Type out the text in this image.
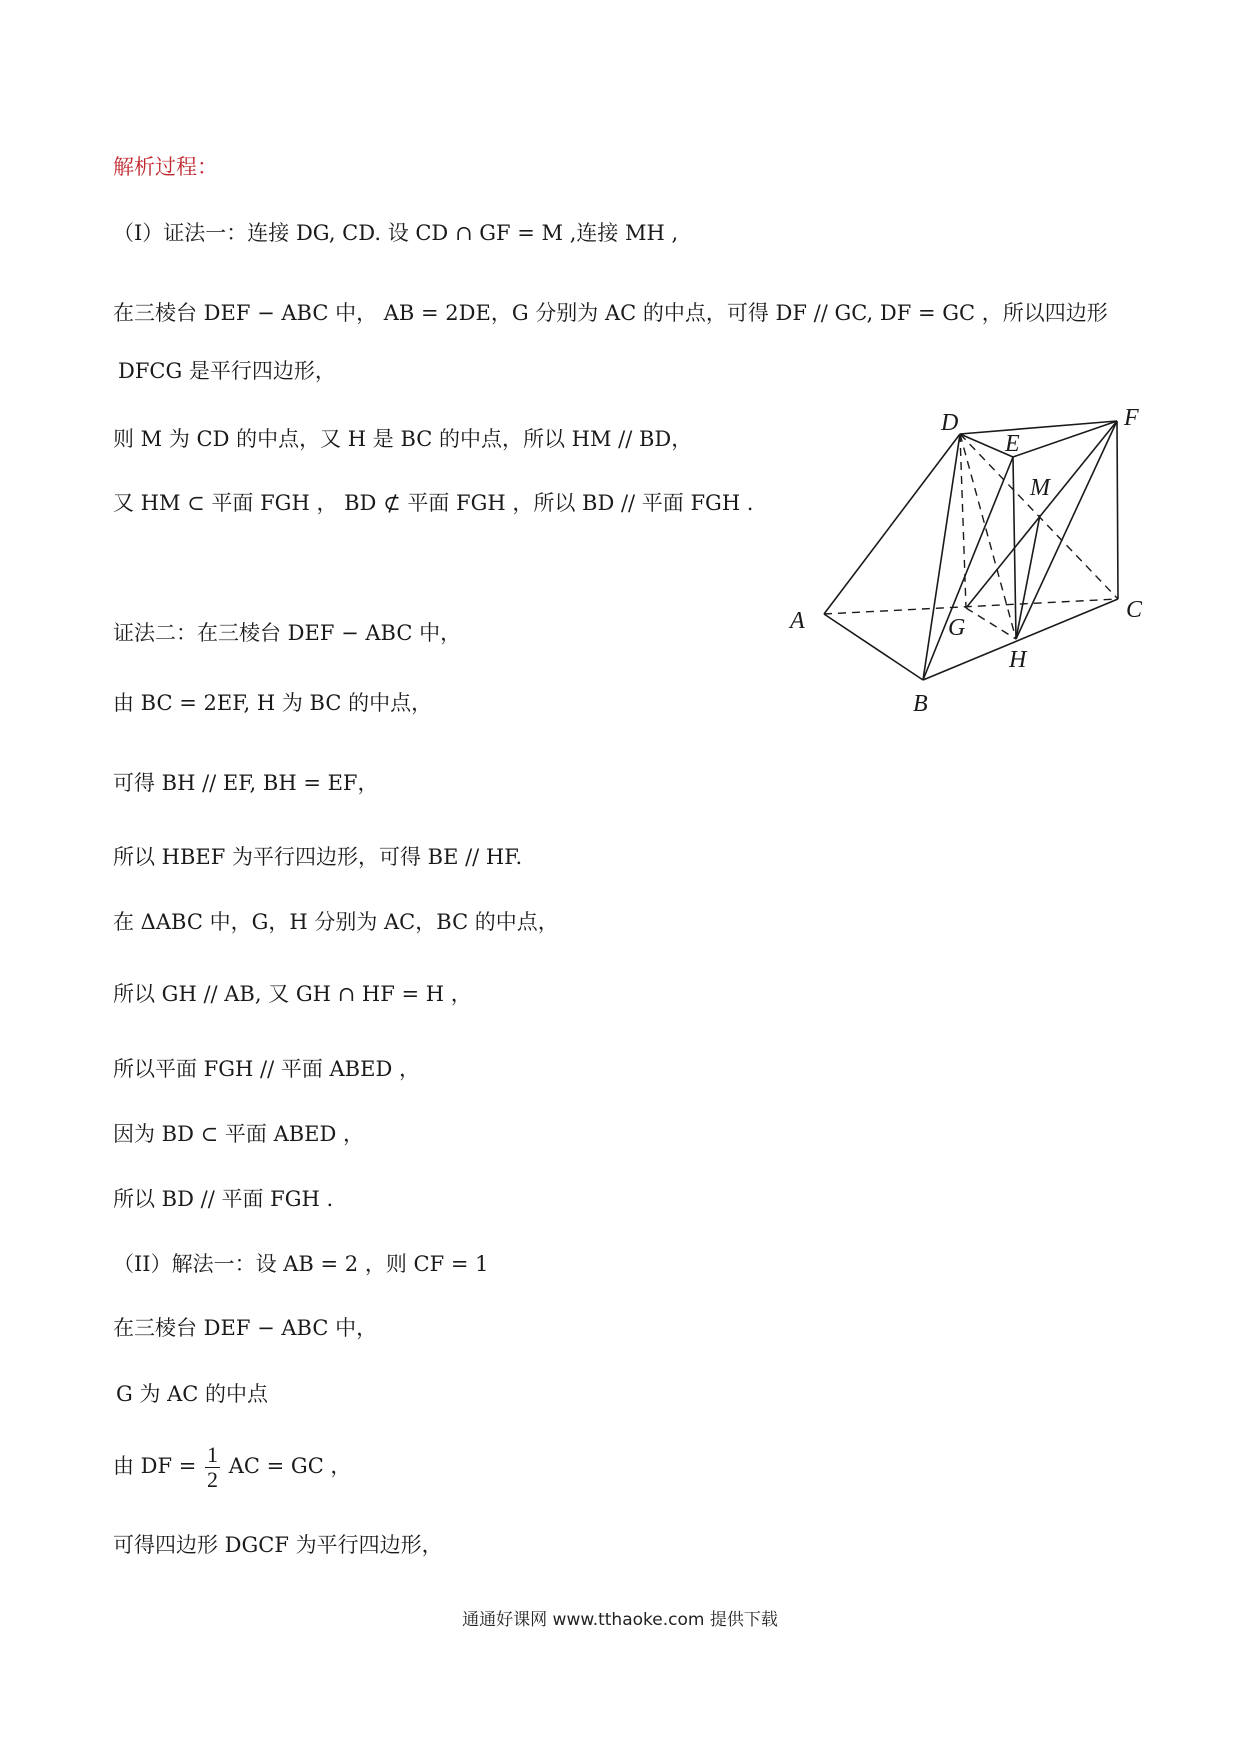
解析过程：
（I）证法一：连接 DG, CD. 设 CD ∩ GF = M ,连接 MH ,
在三棱台 DEF − ABC 中， AB = 2DE，G 分别为 AC 的中点，可得 DF // GC, DF = GC ，所以四边形
DFCG 是平行四边形，
则 M 为 CD 的中点，又 H 是 BC 的中点，所以 HM // BD，
又 HM ⊂ 平面 FGH ， BD ⊄ 平面 FGH ，所以 BD // 平面 FGH .
证法二：在三棱台 DEF − ABC 中，
由 BC = 2EF, H 为 BC 的中点，
可得 BH // EF, BH = EF，
所以 HBEF 为平行四边形，可得 BE // HF.
在 ΔABC 中，G，H 分别为 AC，BC 的中点，
所以 GH // AB, 又 GH ∩ HF = H ，
所以平面 FGH // 平面 ABED ，
因为 BD ⊂ 平面 ABED ，
所以 BD // 平面 FGH .
（II）解法一：设 AB = 2 ，则 CF = 1
在三棱台 DEF − ABC 中，
G 为 AC 的中点
由 DF = $\frac{1}{2}$ AC = GC ，
可得四边形 DGCF 为平行四边形，
A
B
C
D
E
F
G
H
M
通通好课网 www.tthaoke.com 提供下载
